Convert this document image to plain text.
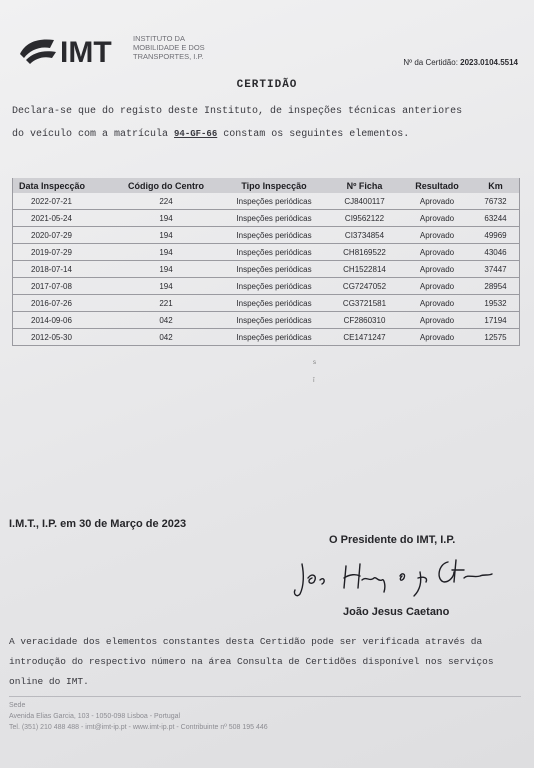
IMT	INSTITUTO DA
MOBILIDADE E DOS
TRANSPORTES, I.P.
Nº da Certidão: 2023.0104.5514
CERTIDÃO
Declara-se que do registo deste Instituto, de inspeções técnicas anteriores
do veículo com a matrícula 94-GF-66 constam os seguintes elementos.
Data Inspecção	Código do Centro	Tipo Inspecção	Nº Ficha	Resultado	Km
2022-07-21	224	Inspeções periódicas	CJ8400117	Aprovado	76732
2021-05-24	194	Inspeções periódicas	CI9562122	Aprovado	63244
2020-07-29	194	Inspeções periódicas	CI3734854	Aprovado	49969
2019-07-29	194	Inspeções periódicas	CH8169522	Aprovado	43046
2018-07-14	194	Inspeções periódicas	CH1522814	Aprovado	37447
2017-07-08	194	Inspeções periódicas	CG7247052	Aprovado	28954
2016-07-26	221	Inspeções periódicas	CG3721581	Aprovado	19532
2014-09-06	042	Inspeções periódicas	CF2860310	Aprovado	17194
2012-05-30	042	Inspeções periódicas	CE1471247	Aprovado	12575
s
ĭ
I.M.T., I.P. em 30 de Março de 2023
O Presidente do IMT, I.P.
João Jesus Caetano
A veracidade dos elementos constantes desta Certidão pode ser verificada através da
introdução do respectivo número na área Consulta de Certidões disponível nos serviços
online do IMT.
Sede
Avenida Elias Garcia, 103 - 1050-098 Lisboa - Portugal
Tel. (351) 210 488 488 - imt@imt-ip.pt - www.imt-ip.pt - Contribuinte nº 508 195 446
